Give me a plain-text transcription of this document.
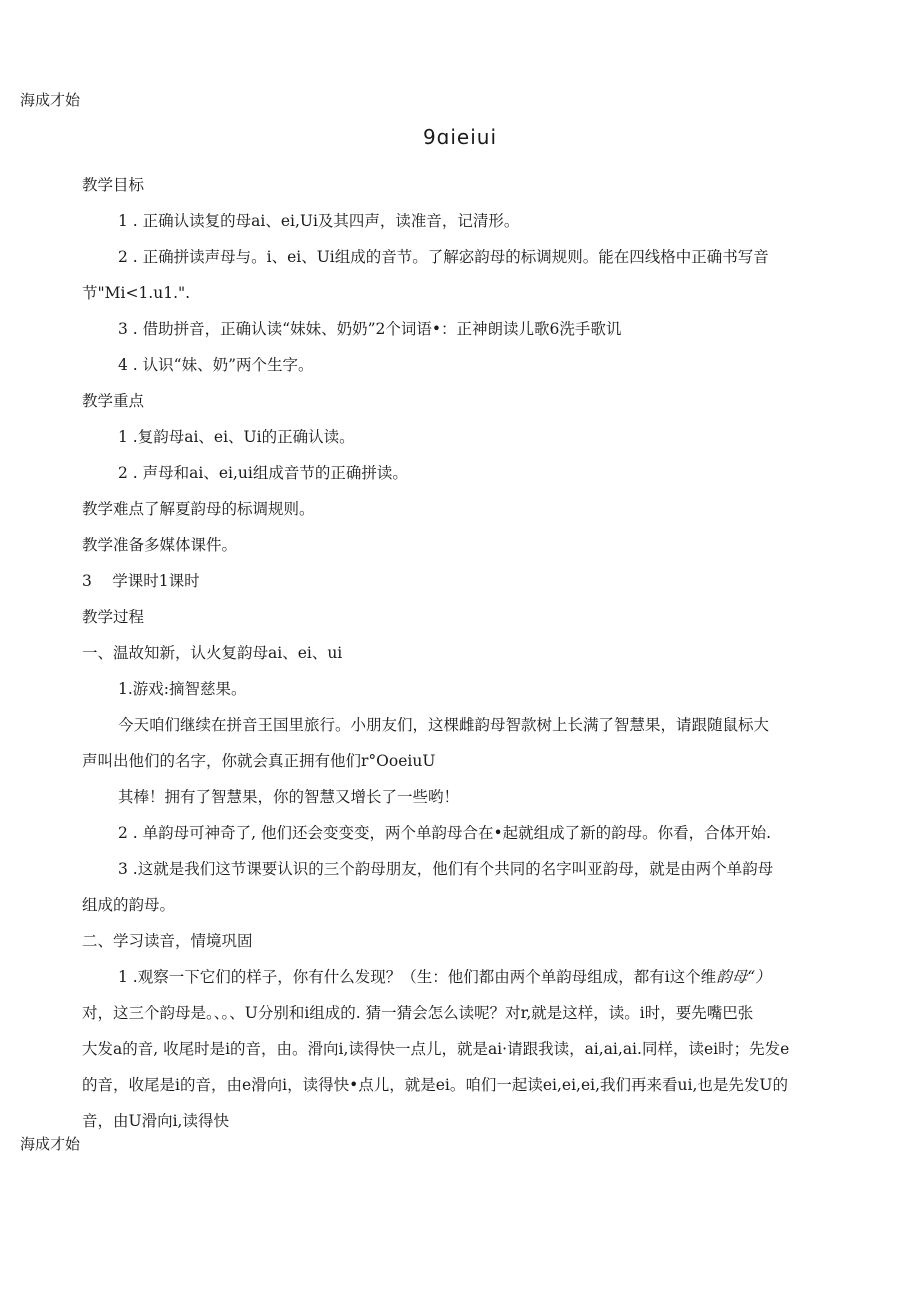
海成才始
9ɑieiui
教学目标
1 . 正确认读复的母ai、ei,Ui及其四声，读准音，记清形。
2 . 正确拼读声母与。i、ei、Ui组成的音节。了解宓韵母的标调规则。能在四线格中正确书写音
节"Mi<1.u1.".
3 . 借助拼音，正确认读“妹妹、奶奶”2个词语•：正神朗读儿歌6洗手歌讥
4 . 认识“妹、奶”两个生字。
教学重点
1 .复韵母ai、ei、Ui的正确认读。
2 . 声母和ai、ei,ui组成音节的正确拼读。
教学难点了解夏韵母的标调规则。
教学准备多媒体课件。
3　 学课时1课时
教学过程
一、温故知新，认火复韵母ai、ei、ui
1.游戏:摘智慈果。
今天咱们继续在拼音王国里旅行。小朋友们，这棵雌韵母智款树上长满了智慧果，请跟随鼠标大
声叫出他们的名字，你就会真正拥有他们r°OoeiuU
其棒！拥有了智慧果，你的智慧又增长了一些哟！
2 . 单韵母可神奇了, 他们还会变变变，两个单韵母合在•起就组成了新的韵母。你看，合体开始.
3 .这就是我们这节课要认识的三个韵母朋友，他们有个共同的名字叫亚韵母，就是由两个单韵母
组成的韵母。
二、学习读音，情境巩固
1 .观察一下它们的样子，你有什么发现？（生：他们都由两个单韵母组成，都有i这个维韵母“）
对，这三个韵母是。、。、U分别和i组成的. 猜一猜会怎么读呢？对r,就是这样，读。i时，要先嘴巴张
大发a的音, 收尾时是i的音，由。滑向i,读得快一点儿，就是ai·请跟我读，ai,ai,ai.同样，读ei时；先发e
的音，收尾是i的音，由e滑向i，读得快•点儿，就是ei。咱们一起读ei,ei,ei,我们再来看ui,也是先发U的
音，由U滑向i,读得快
海成才始
